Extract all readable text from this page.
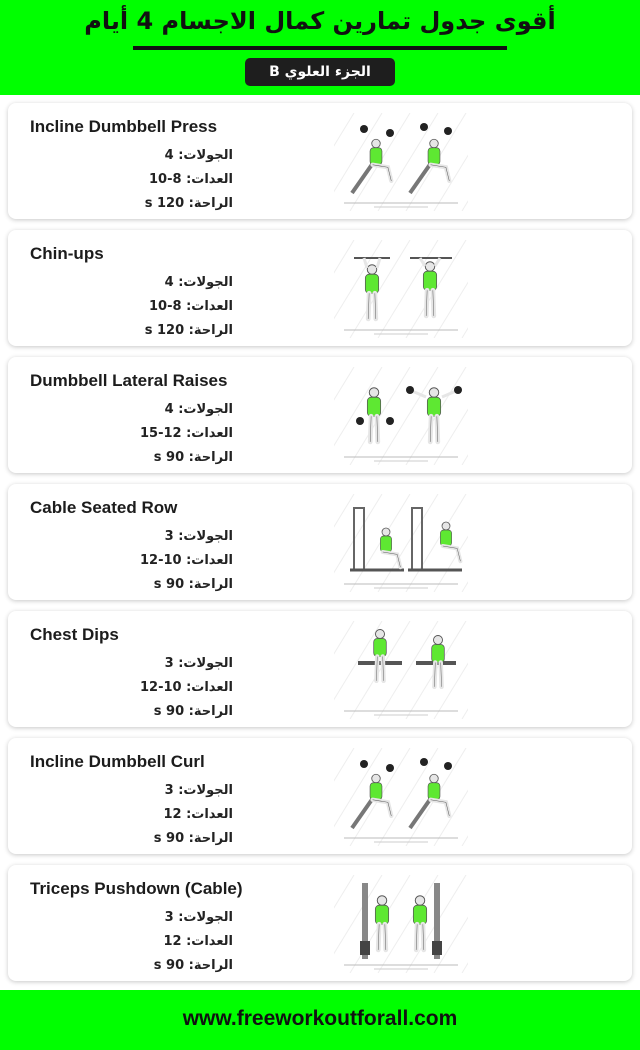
أقوى جدول تمارين كمال الاجسام 4 أيام
الجزء العلوي B
Incline Dumbbell Press
الجولات: 4
العدات: 8-10
الراحة: 120 s
Chin-ups
الجولات: 4
العدات: 8-10
الراحة: 120 s
Dumbbell Lateral Raises
الجولات: 4
العدات: 12-15
الراحة: 90 s
Cable Seated Row
الجولات: 3
العدات: 10-12
الراحة: 90 s
Chest Dips
الجولات: 3
العدات: 10-12
الراحة: 90 s
Incline Dumbbell Curl
الجولات: 3
العدات: 12
الراحة: 90 s
Triceps Pushdown (Cable)
الجولات: 3
العدات: 12
الراحة: 90 s
www.freeworkoutforall.com
